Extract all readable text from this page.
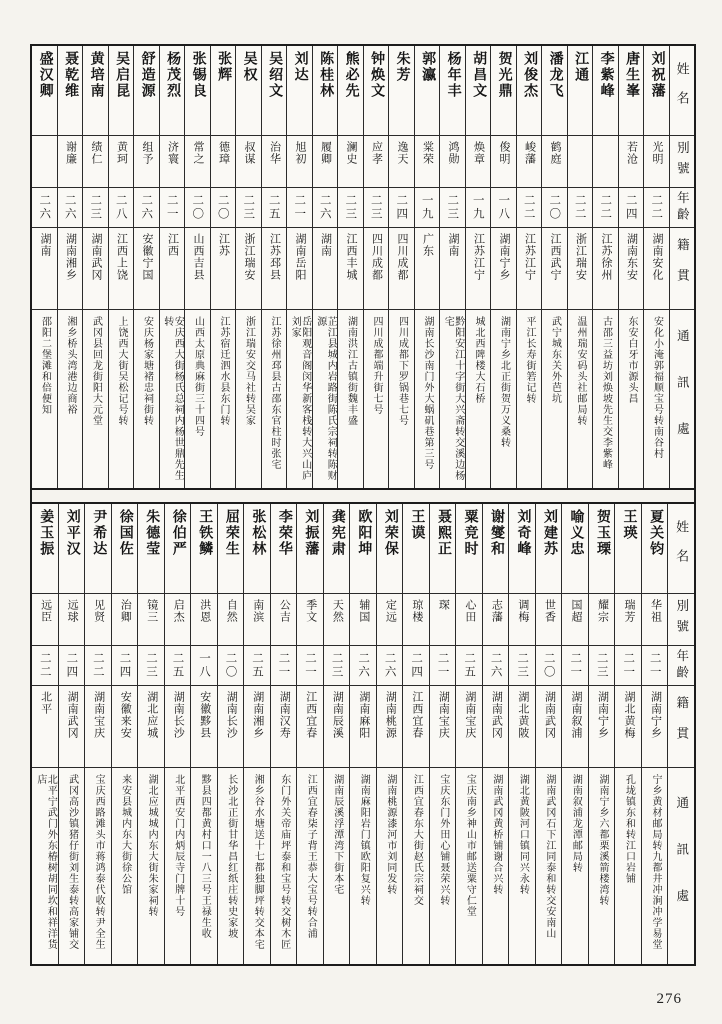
姓名
別號
年齡
籍貫
通訊處
刘祝藩
光明
二二
湖南安化
安化小淹郭福顺宝号转南谷村
唐生峯
若沧
二四
湖南东安
东安白牙市源头昌
李紫峰
二二
江苏徐州
古邵三益坊刘焕坡先生交李紫峰
江通
二二
浙江瑞安
温州瑞安码头社邮局转
潘龙飞
鹤庭
二〇
江西武宁
武宁城东关外芭坑
刘俊杰
峻藩
二二
江苏江宁
平江长寿街箬记转
贺光鼎
俊明
一八
湖南宁乡
湖南宁乡北正街贺万义桑转
胡昌文
焕章
一九
江苏江宁
城北西陴楼大石桥
杨年丰
鸿勋
二三
湖南
黔阳安江十字街大兴斋转交溪边杨宅
郭瀛
棠荣
一九
广东
湖南长沙南门外大蜗矶巷第三号
朱芳
逸天
二四
四川成都
四川成都下罗锅巷七号
钟焕文
应孝
二三
四川成都
四川成都端升街七号
熊必先
澜史
二三
江西丰城
湖南洪江古镇街魏丰盛
陈桂林
履卿
二六
湖南
芷江县城内岩路街陈氏宗祠转陈财源
刘达
旭初
二一
湖南岳阳
岳阳观音阁闵华新客栈转大兴山庐刘家
吴绍文
治华
二五
江苏邳县
江苏徐州邳县古邵东官柱时张宅
吴权
叔谋
二三
浙江瑞安
浙江瑞安交马社转吴家
张辉
德璋
二〇
江苏
江苏宿迁泗水县东门转
张锡良
常之
二〇
山西吉县
山西太原典麻街三十四号
杨茂烈
济寰
二一
江西
安庆西大街杨氏总祠内杨世鼎先生转
舒造源
组予
二六
安徽宁国
安庆杨家塘褚忠祠街转
吴启昆
黄珂
二八
江西上饶
上饶西大街吴松记号转
黄培南
绩仁
二三
湖南武冈
武冈县回龙街阳大元堂
聂乾维
谢廉
二六
湖南湘乡
湘乡桥头湾港边商裕
盛汉卿
二六
湖南
邵阳二堡滩和倍便知
姓名
別號
年齡
籍貫
通訊處
夏关钧
华祖
二一
湖南宁乡
宁乡黄材邮局转九都井冲涧冲学易堂
王瑛
瑞芳
二一
湖北黄梅
孔垅镇东和转江口岩铺
贺玉瑮
耀宗
二三
湖南宁乡
湖南宁乡六都栗溪箭楼湾转
喻义忠
国超
二一
湖南叙浦
湖南叙浦龙潭邮局转
刘建苏
世香
二〇
湖南武冈
湖南武冈石下江同泰和转交安南山
刘奇峰
调梅
二三
湖北黄陂
湖北黄陂河口镇同兴永转
谢燮和
志藩
二六
湖南武冈
湖南武冈黄桥铺谢合兴转
粟竞时
心田
二五
湖南宝庆
宝庆南乡神山市邮送粟守仁堂
聂熙正
琛
二一
湖南宝庆
宝庆东门外田心铺聂荣兴转
王谟
琼楼
二四
江西宜春
江西宜春东大街赵氏宗祠交
刘荣保
定远
二六
湖南桃源
湖南桃源漆河市刘同发转
欧阳坤
辅国
二六
湖南麻阳
湖南麻阳岩门镇欧阳复兴转
龚宪肃
天然
二三
湖南辰溪
湖南辰溪浮潭湾下街本宅
刘振藩
季文
二一
江西宜春
江西宜春柒子背王恭大宝号转合浦
李荣华
公吉
二一
湖南汉寿
东门外关帝庙坪泰和宝号转交树木匠
张松林
南滨
二五
湖南湘乡
湘乡谷水塘送十七都独脚坪转交本宅
屈荣生
自然
二〇
湖南长沙
长沙北正街甘华昌红纸庄转史家坡
王铁鳞
洪恩
一八
安徽黟县
黟县四都黄村口一八三号王禄生收
徐伯严
启杰
二五
湖南长沙
北平西安门内炳辰寺门牌十号
朱德莹
镜三
二三
湖北应城
湖北应城城内东大街朱家祠转
徐国佐
治卿
二四
安徽来安
来安县城内东大街徐公馆
尹希达
见贤
二二
湖南宝庆
宝庆西路滩头市蒋鸿泰代收转尹全生
刘平汉
远球
二四
湖南武冈
武冈高沙镇猪仔街刘生泰转高家铺交
姜玉振
远臣
二二
北平
北平宁武门外东椿树胡同坎和祥洋货店
276
